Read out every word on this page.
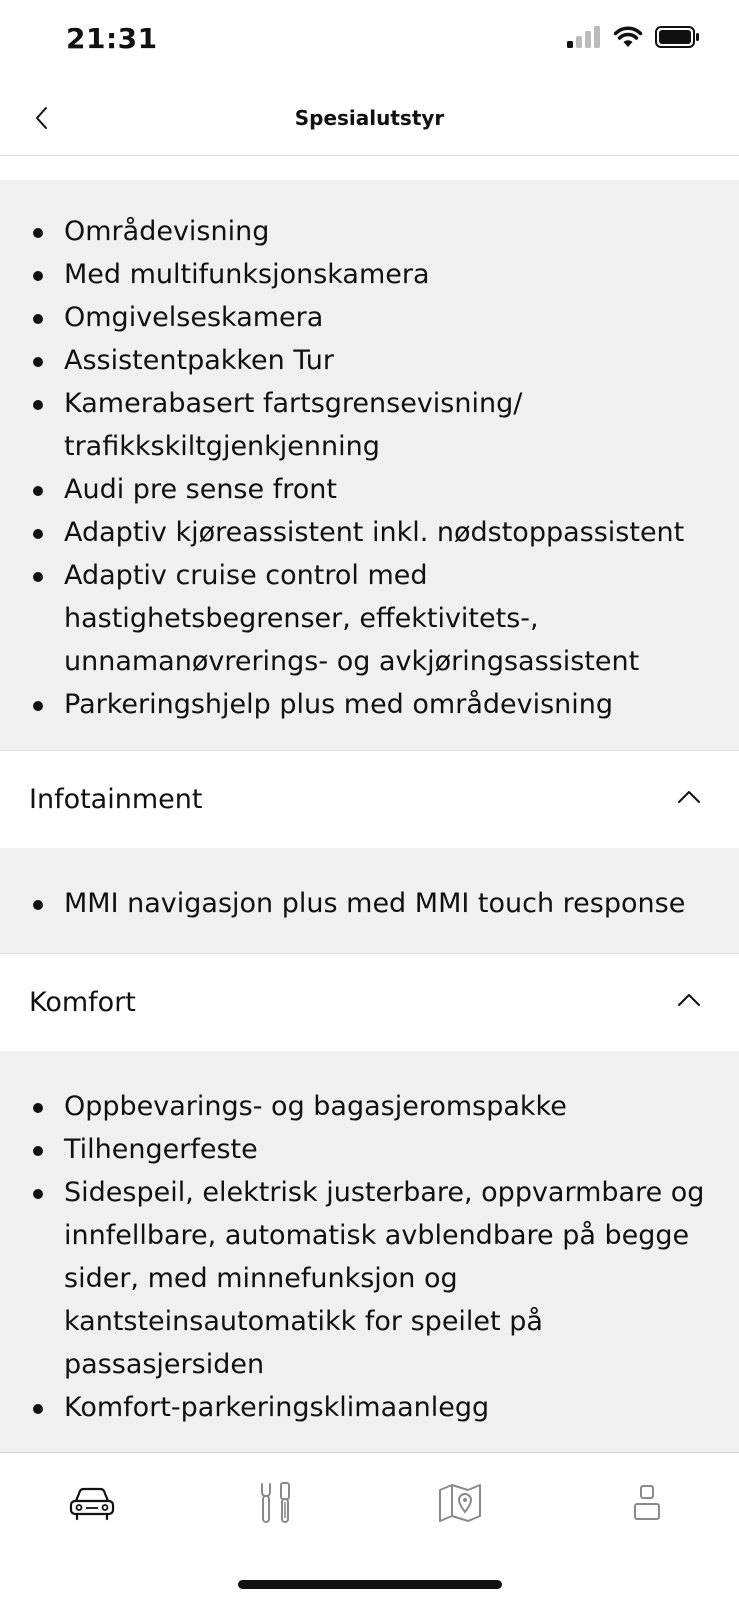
21:31
Spesialutstyr
Områdevisning
Med multifunksjonskamera
Omgivelseskamera
Assistentpakken Tur
Kamerabasert fartsgrensevisning/ trafikkskiltgjenkjenning
Audi pre sense front
Adaptiv kjøreassistent inkl. nødstoppassistent
Adaptiv cruise control med hastighetsbegrenser, effektivitets-, unnamanøvrerings- og avkjøringsassistent
Parkeringshjelp plus med områdevisning
Infotainment
MMI navigasjon plus med MMI touch response
Komfort
Oppbevarings- og bagasjeromspakke
Tilhengerfeste
Sidespeil, elektrisk justerbare, oppvarmbare og innfellbare, automatisk avblendbare på begge sider, med minnefunksjon og kantsteinsautomatikk for speilet på passasjersiden
Komfort-parkeringsklimaanlegg
